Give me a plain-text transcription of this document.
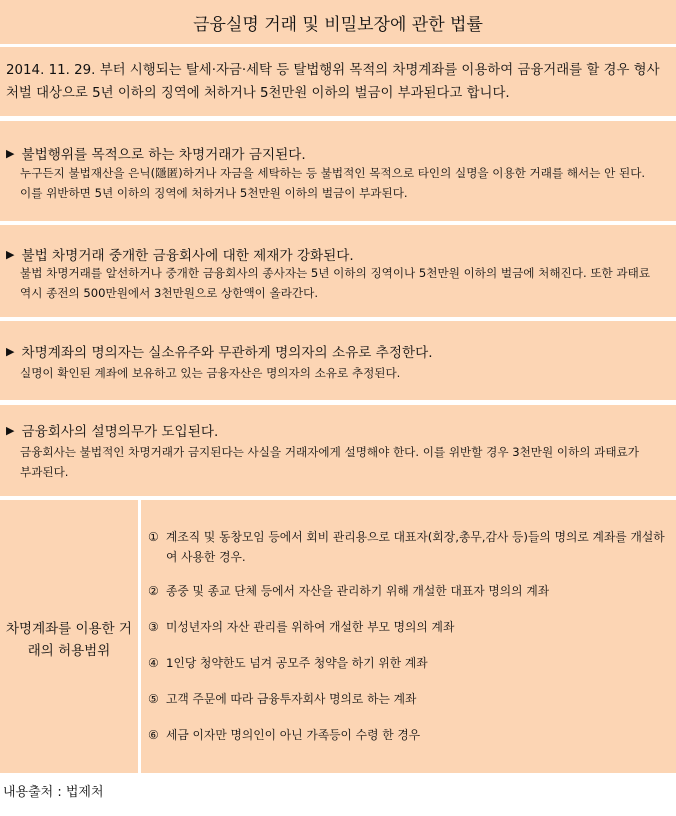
금융실명 거래 및 비밀보장에 관한 법률
2014. 11. 29. 부터 시행되는 탈세·자금·세탁 등 탈법행위 목적의 차명계좌를 이용하여 금융거래를 할 경우 형사처벌 대상으로 5년 이하의 징역에 처하거나 5천만원 이하의 벌금이 부과된다고 합니다.
▶ 불법행위를 목적으로 하는 차명거래가 금지된다.
누구든지 불법재산을 은닉(隱匿)하거나 자금을 세탁하는 등 불법적인 목적으로 타인의 실명을 이용한 거래를 해서는 안 된다. 이를 위반하면 5년 이하의 징역에 처하거나 5천만원 이하의 벌금이 부과된다.
▶ 불법 차명거래 중개한 금융회사에 대한 제재가 강화된다.
불법 차명거래를 알선하거나 중개한 금융회사의 종사자는 5년 이하의 징역이나 5천만원 이하의 벌금에 처해진다. 또한 과태료 역시 종전의 500만원에서 3천만원으로 상한액이 올라간다.
▶ 차명계좌의 명의자는 실소유주와 무관하게 명의자의 소유로 추정한다.
실명이 확인된 계좌에 보유하고 있는 금융자산은 명의자의 소유로 추정된다.
▶ 금융회사의 설명의무가 도입된다.
금융회사는 불법적인 차명거래가 금지된다는 사실을 거래자에게 설명해야 한다. 이를 위반할 경우 3천만원 이하의 과태료가 부과된다.
차명계좌를 이용한 거래의 허용범위
① 계조직 및 동창모임 등에서 회비 관리용으로 대표자(회장,총무,감사 등)들의 명의로 계좌를 개설하여 사용한 경우.
② 종중 및 종교 단체 등에서 자산을 관리하기 위해 개설한 대표자 명의의 계좌
③ 미성년자의 자산 관리를 위하여 개설한 부모 명의의 계좌
④ 1인당 청약한도 넘겨 공모주 청약을 하기 위한 계좌
⑤ 고객 주문에 따라 금융투자회사 명의로 하는 계좌
⑥ 세금 이자만 명의인이 아닌 가족등이 수령 한 경우
내용출처 : 법제처
